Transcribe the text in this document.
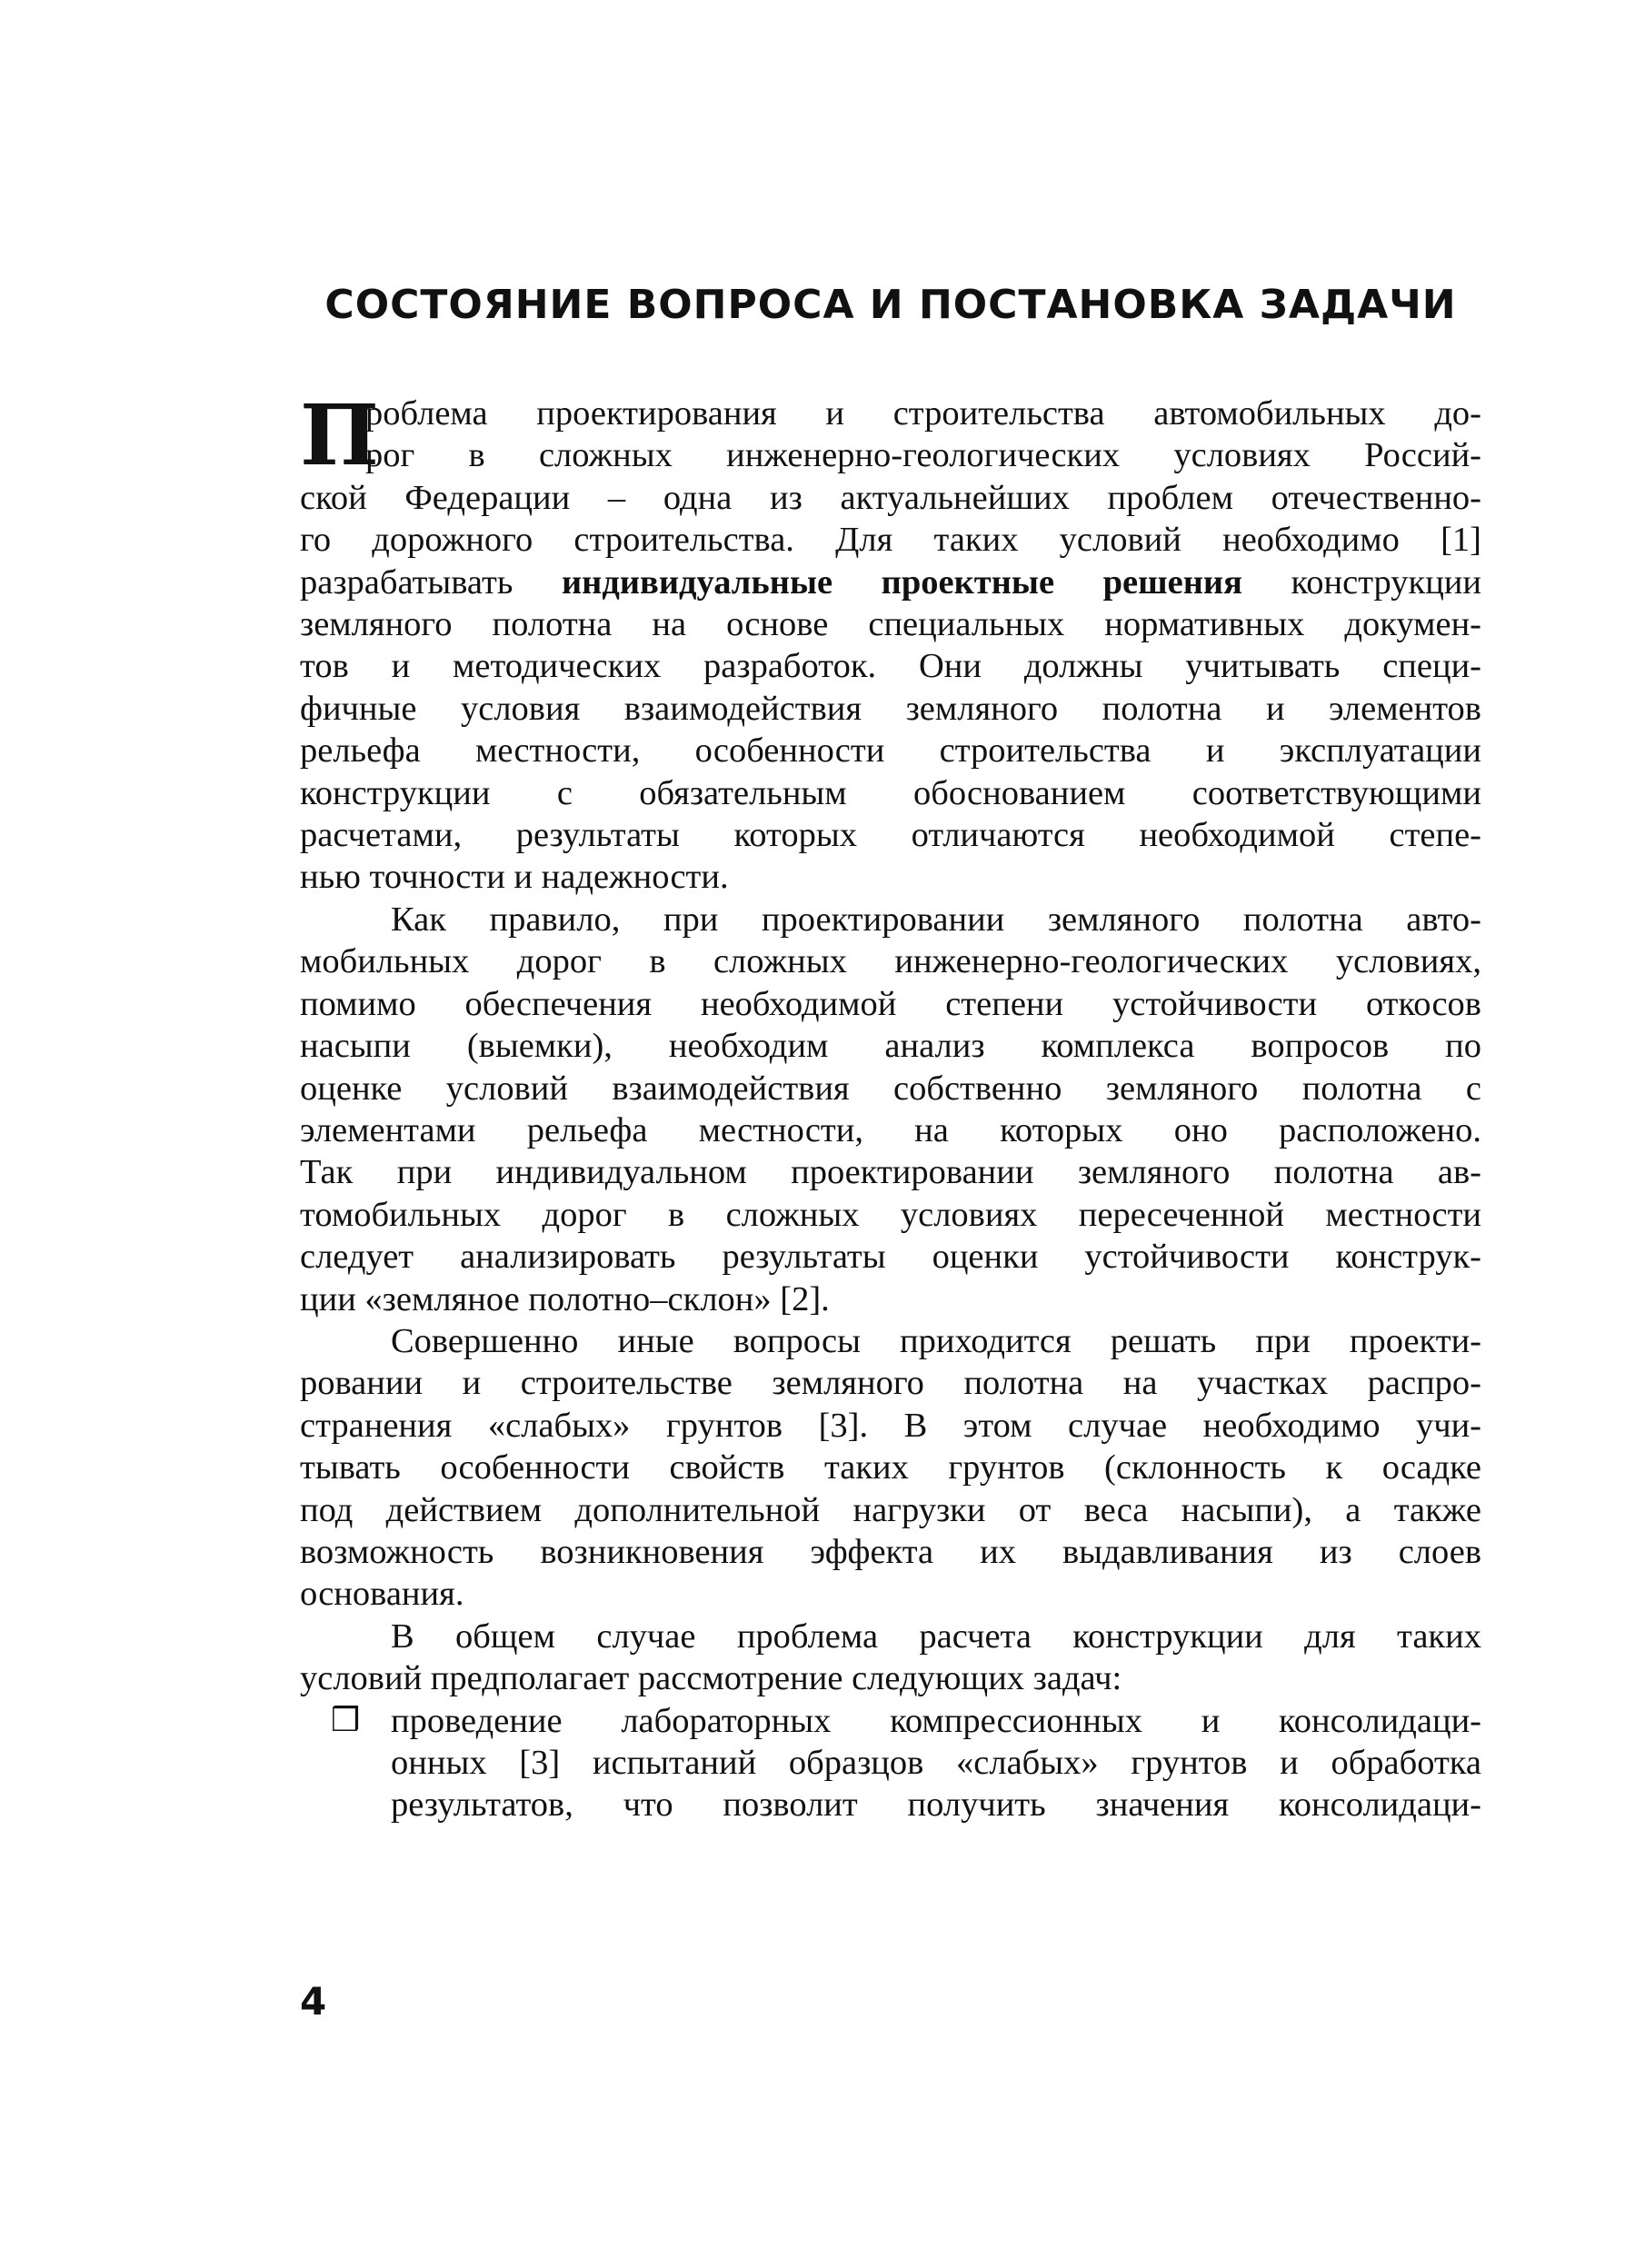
СОСТОЯНИЕ ВОПРОСА И ПОСТАНОВКА ЗАДАЧИ
П
роблема проектирования и строительства автомобильных до-
рог в сложных инженерно-геологических условиях Россий-
ской Федерации – одна из актуальнейших проблем отечественно-
го дорожного строительства. Для таких условий необходимо [1]
разрабатывать индивидуальные проектные решения конструкции
земляного полотна на основе специальных нормативных докумен-
тов и методических разработок. Они должны учитывать специ-
фичные условия взаимодействия земляного полотна и элементов
рельефа местности, особенности строительства и эксплуатации
конструкции с обязательным обоснованием соответствующими
расчетами, результаты которых отличаются необходимой степе-
нью точности и надежности.
Как правило, при проектировании земляного полотна авто-
мобильных дорог в сложных инженерно-геологических условиях,
помимо обеспечения необходимой степени устойчивости откосов
насыпи (выемки), необходим анализ комплекса вопросов по
оценке условий взаимодействия собственно земляного полотна с
элементами рельефа местности, на которых оно расположено.
Так при индивидуальном проектировании земляного полотна ав-
томобильных дорог в сложных условиях пересеченной местности
следует анализировать результаты оценки устойчивости конструк-
ции «земляное полотно–склон» [2].
Совершенно иные вопросы приходится решать при проекти-
ровании и строительстве земляного полотна на участках распро-
странения «слабых» грунтов [3]. В этом случае необходимо учи-
тывать особенности свойств таких грунтов (склонность к осадке
под действием дополнительной нагрузки от веса насыпи), а также
возможность возникновения эффекта их выдавливания из слоев
основания.
В общем случае проблема расчета конструкции для таких
условий предполагает рассмотрение следующих задач:
❒ проведение лабораторных компрессионных и консолидаци-
онных [3] испытаний образцов «слабых» грунтов и обработка
результатов, что позволит получить значения консолидаци-
4
